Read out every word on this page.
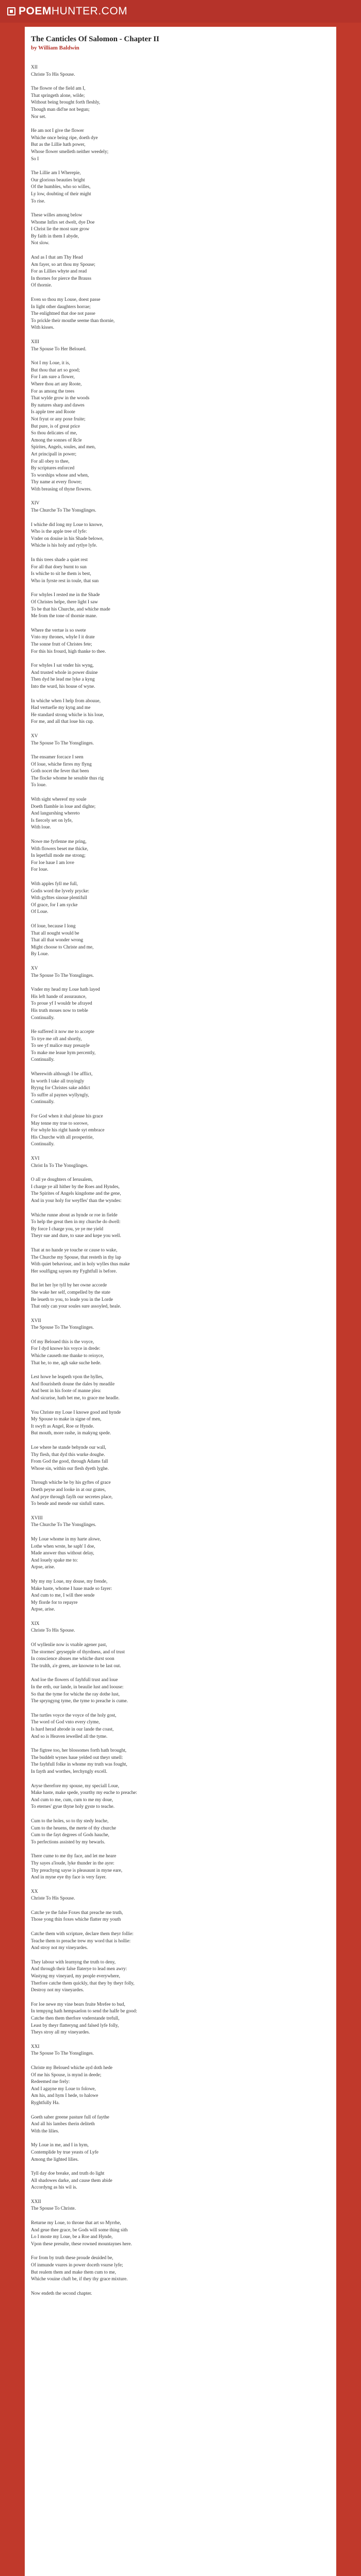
POEM HUNTER.COM
The Canticles Of Salomon - Chapter II
by William Baldwin
XII
Christe To His Spouse.
The flowre of the field am I,
That springeth alone, wilde;
Without being brought forth fleshly,
Though man did'ne not begun;
Nor set.
He am not I give the flower
Whiche once being ripe, doeth dye
But as the Lillie hath power,
Whose flower smelleth neither weedely;
So I
The Lillie am I Wherepie,
Our glorious beauties bright
Of the humbles, who so willes,
Ly low, doubting of their might
To rise.
These willes among below
Whome Infirs set dwelt, dye Doe
I Christ lie the most sure grow
By faith in them I abyde,
Not slow.
And as I that am Thy Head
Am fayer, so art thou my Spouse;
For as Lillies whyte and read
In thornes for pierce the Brauss
Of thornie.
Even so thou my Louse, doest passe
In light other daughters horrae;
The enlightned that doe not passe
To prickle their mouthe seeme than thornie,
With kisses.
XIII
The Spouse To Her Beloued.
Not I my Loue, it is,
But thou that art so good;
For I am sure a flower,
Where thou art any Roote,
For as among the trees
That wylde grow in the woods
By natures sharp and dawes
Is apple tree and Roote
Not fryut or any poxe fruite;
But pure, is of great price
So thou delicates of me,
Among the sonnes of Rcle
Spirites, Angels, soules, and men,
Art principall in power;
For all obey to thee,
By scriptures enforced
To worships whose and when,
Thy name at every flowre;
With breasing of thyne flowres.
XIV
The Churche To The Yonsglinges.
I whiche did long my Loue to knowe,
Who is the apple tree of lyfe:
Vnder on douise in his Shade belowe,
Whiche is his holy and rytlye lyfe.
In this trees shade a quiet rest
For all that doey burnt to sun
Is whiche to sit he them is best,
Who in fyrste rest in toule, that sun
For whyles I rested me in the Shade
Of Christes helpe, there light I saw
To be that his Churche, and whiche made
Me from the tone of thornie mane.
Where the vertue is so swete
Vnto my thrones, whyle I it drate
The sonne frutt of Christes fete;
For this his frourd, high thanke to thee.
For whyles I sat vnder his wyng,
And trusted whole in power diuine
Then dyd he lead me lyke a kyng
Into the wurd, his house of wyne.
In whiche when I help from abouue,
Had vertuefie my kyng and me
He standard strong whiche is his loue,
For me, and all that loue his cup.
XV
The Spouse To The Yonsglinges.
The ensamer forcace I seen
Of loue, whiche firres my flyng
Goth nocet the fever that been
The flocke whome he sesuble thus rig
To loue.
With sight whereof my soule
Doeth flamble in loue and dighte;
And langurshing whereto
Is fiercely set on lyfe,
With loue.
Nowe me fyrfenne me pring,
With flowers beset me thicke,
In lepetfull mode me strong;
For loe haue I am love
For loue.
With apples fyll me full,
Godis word the lyvely prycke:
With gyfttes sinoue plentifull
Of grace, for I am sycke
Of Loue.
Of loue, because I long
That all nought would be
That all that wonder wrong
Might choose to Christe and me,
By Loue.
XV
The Spouse To The Yonsglinges.
Vnder my head my Loue hath layed
His left hande of assuraunce,
To proue yf I wouldr be afrayed
His truth moues now to treble
Continually.
He suffered it now me to accepte
To trye me oft and shortly,
To see yf malice may preuayle
To make me leaue hym percently,
Continually.
Wherewith although I be afflict,
In worth I take all truyingly
Byyng for Christes sake addict
To suffre al paynes wyllyngly,
Continually.
For God when it shal please his grace
May tenne my true to sorowe,
For whyle his right hande syt embrace
His Churche with all prosperitie,
Continually.
XVI
Christ In To The Yonsglinges.
O all ye doughters of Ierusalem,
I charge ye all hither by the Roes and Hyndes,
The Spirites of Angels kingdome and the gene,
And in your holy for weyffes' than the wyndes:
Whiche runne about as hynde or roe in fielde
To help the great then in my churche do dwell:
By force I charge you, ye ye me yield
Theyr sue and dure, to saue and kepe you well.
That at no hande ye touche or cause to wake,
The Churche my Spouse, that resteth in thy lap
With quiet behaviour, and in holy wylles thus make
Her soulfigng sayues my Fyghtfull is before.
But let her lye tyll by her owne accorde
She wake her self, compelled by the state
Be leueth to you, to leade you in the Lorde
That only can your soules sure assoyled, heale.
XVII
The Spouse To The Yonsglinges.
Of my Beloued this is the voyce,
For I dyd knowe his voyce in drede:
Whiche causeth me thanke to reioyce,
That he, to me, agh sake suche hede.
Lest howe he leapeth vpon the hylles,
And flourisheth doune the dales by meadile
And bent in his foote of manne plea:
And sicurise, hath bet me, to grace me headle.
You Christe my Loue I knowe good and hynde
My Spouse to make in signe of men,
It swyft as Angel, Roe or Hynde.
But mouth, more rashe, in makyng spede.
Loe where he stande behynde our wall,
Thy flesh, that dyd this wurke doughe.
From God the good, through Adams fall
Whose sin, within our flesh dyeth lyghe.
Through whiche he by his gyftes of grace
Doeth peyse and looke in at our grates,
And prye through faylh our secretes place,
To bende and mende our sinfull states.
XVIII
The Churche To The Yonsglinges.
My Loue whome in my harte alowe,
Lothe when wrste, he saph' I doe,
Made answer thus without delay,
And louely spake me to:
Arpse, arise.
My my my Loue, my douse, my frende,
Make haste, whome I haue made so fayer:
And cum to me, I will thee sende
My florde for to repayre
Arpse, arise.
XIX
Christe To His Spouse.
Of wyllenlie now is vnable agener past,
The stormes' geysepple of thyrdness, and of trust
In conscience abuses me whiche durst soon
The trulth, a'e green, are knowne to be last out.
And loe the flowers of fayhfull trust and loue
In the erth, our lande, in beaulie lust and loouse:
So that the tyme for whiche the ray dothe lust,
The spryngyng tyme, the tyme to preache is cume.
The turtles voyce the voyce of the holy gost,
The word of God vnto every clyme,
Is hard herad abrode in our lande the coast,
And so is Heaven iewelled all the tyme.
The figtree too, her blossomes forth hath brought,
The buddelt wynes haue yelded out theyr smell:
The fayhfull folke in whome my truth was fought,
In fayth and worthes, lerchyngly excell.
Aryse therefore my spouse, my speciall Loue,
Make haste, make spede, yourthy my euche to preache:
And cum to me, cum, cum to me my doue,
To eternes' gyue thyne holy gyste to teache.
Cum to the holes, so to thy stedy leache,
Cum to the heuens, the merte of thy churche
Cum to the fayt degrees of Gods hauche,
To perfections assisted by my bewarls.
There cume to me thy face, and let me heare
Thy sayes a'loude, lyke thunder in the ayre:
Thy preachyng sayse is pleasaunt in myne eare,
And in myne eye thy face is very fayer.
XX
Christe To His Spouse.
Catche ye the false Foxes that preache me truth,
Those yong thin foxes whiche flatter my youth
Catche them with scripture, declare them theyr follie:
Teache them to preache trew my word that is hollie:
And stroy not my vineyardes.
They labour with learnyng the truth to deny,
And through their false flaterye to lead men awry:
Wastyng my vineyard, my people everywhere,
Therfore catche them quickly, that they by theyr folly,
Destroy not my vineyardes.
For loe newe my vine bears fruite Mrefee to bud,
In tempyng hath hempsaelon to send the halfe be good:
Catche then them therfore vnderstande trefull,
Least by theyr flatteryng and falsed lyfe folly,
Theys stroy all my vineyardes.
XXI
The Spouse To The Yonsglinges.
Christe my Beloued whiche ayd doth hede
Of me his Spouse, is mynd in deede;
Redeemed me frely:
And I agayne my Loue to folowe,
Am his, and hym I hede, to halowe
Ryghtfully Ha.
Goeth saber greene pasture full of faythe
And all his lambes therin deliteth
With the lilies.
My Loue in me, and I in hym,
Contemplide by true yeasts of Lyfe
Among the lighted lilies.
Tyll day doe breake, and truth do light
All shadowes darke, and cause them abide
Accordyng as his wil is.
XXII
The Spouse To Christe.
Returne my Loue, to throne that art so Myrrhe,
And geue thee grace, be Gods will some thing sith
Lo I moste my Loue, be a Roe and Hynde,
Vpon these presulte, these rowned mountaynes here.
For from by truth these proude deuided be,
Of inmunde vsures in power doceth vsurse lyfe;
But realem them and make them cum to me,
Whiche vouine chaft be, if they thy grace mixture.
Now endeth the second chapter.
